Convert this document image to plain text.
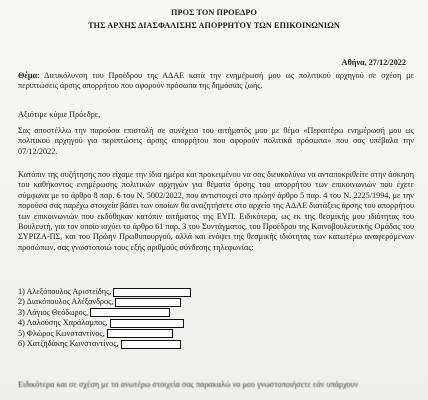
ΠΡΟΣ ΤΟΝ ΠΡΟΕΔΡΟ
ΤΗΣ ΑΡΧΗΣ ΔΙΑΣΦΑΛΙΣΗΣ ΑΠΟΡΡΗΤΟΥ ΤΩΝ ΕΠΙΚΟΙΝΩΝΙΩΝ
Αθήνα, 27/12/2022
Θέμα: Διευκόλυνση του Προέδρου της ΑΔΑΕ κατά την ενημέρωσή μου ως πολιτικού αρχηγού σε σχέση με περιπτώσεις άρσης απορρήτου που αφορούν πρόσωπα της δημόσιας ζωής.
Αξιότιμε κύριε Πρόεδρε,
Σας αποστέλλω την παρούσα επιστολή σε συνέχεια του αιτήματός μου με θέμα «Περαιτέρω ενημέρωσή μου ως πολιτικού αρχηγού για περιπτώσεις άρσης απορρήτου που αφορούν πολιτικά πρόσωπα» που σας υπέβαλα την 07/12/2022.
Κατόπιν της συζήτησης που είχαμε την ίδια ημέρα και προκειμένου να σας διευκολύνω να ανταποκριθείτε στην άσκηση του καθήκοντος ενημέρωσης πολιτικών αρχηγών για θέματα άρσης του απορρήτου των επικοινωνιών που έχετε σύμφωνα με το άρθρο 8 παρ. 6 του Ν. 5002/2022, που αντιστοιχεί στο πρώην άρθρο 5 παρ. 4 του Ν. 2225/1994, με την παρούσα σας παρέχω στοιχεία βάσει των οποίων θα αναζητήσετε στο αρχείο της ΑΔΑΕ διατάξεις άρσης του απορρήτου των επικοινωνιών που εκδόθηκαν κατόπιν αιτήματος της ΕΥΠ. Ειδικότερα, ως εκ της θεσμικής μου ιδιότητας του Βουλευτή, για τον οποίο ισχύει το άρθρο 61 παρ. 3 του Συντάγματος, του Προέδρου της Κοινοβουλευτικής Ομάδας του ΣΥΡΙΖΑ-ΠΣ, και του Πρώην Πρωθυπουργού, αλλά και ενόψει της θεσμικής ιδιότητας των κατωτέρω αναφερόμενων προσώπων, σας γνωστοποιώ τους εξής αριθμούς σύνδεσης τηλεφωνίας:
1) Αλεξόπουλος Αριστείδης,
2) Διακόπουλος Αλέξανδρος,
3) Λάγιος Θεόδωρος,
4) Λαλούσης Χαράλαμπος,
5) Φλώρος Κωνσταντίνος,
6) Χατζηδάκης Κωνσταντίνος,
Ειδικότερα και σε σχέση με τα ανωτέρω στοιχεία σας παρακαλώ να μου γνωστοποιήσετε εάν υπάρχουν
